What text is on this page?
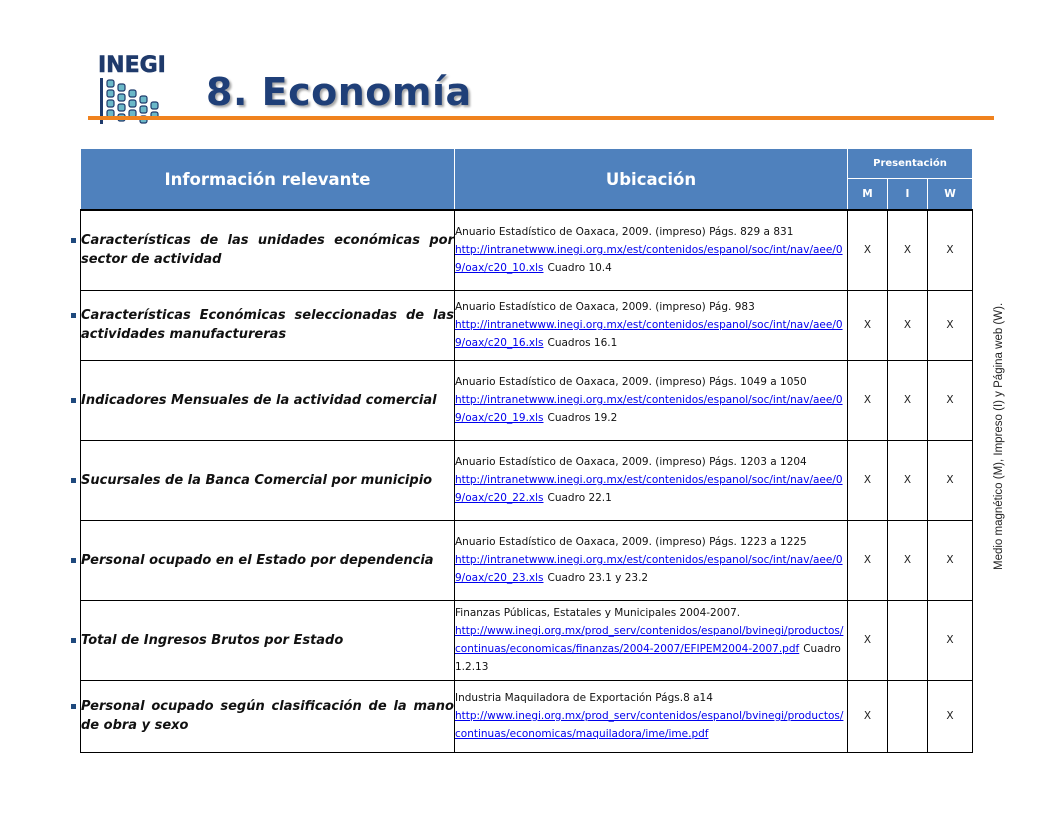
INEGI
8. Economía
Medio magnético (M), Impreso (I) y Página web (W).
Información relevante	Ubicación	Presentación		
		M	I	W

Características de las unidades económicas por sector de actividad	Anuario Estadístico de Oaxaca, 2009. (impreso) Págs. 829 a 831
http://intranetwww.inegi.org.mx/est/contenidos/espanol/soc/int/nav/aee/09/oax/c20_10.xls Cuadro 10.4	X	X	X

Características Económicas seleccionadas de las actividades manufactureras	Anuario Estadístico de Oaxaca, 2009. (impreso) Pág. 983
http://intranetwww.inegi.org.mx/est/contenidos/espanol/soc/int/nav/aee/09/oax/c20_16.xls Cuadros 16.1	X	X	X

Indicadores Mensuales de la actividad comercial	Anuario Estadístico de Oaxaca, 2009. (impreso) Págs. 1049 a 1050
http://intranetwww.inegi.org.mx/est/contenidos/espanol/soc/int/nav/aee/09/oax/c20_19.xls Cuadros 19.2	X	X	X

Sucursales de la Banca Comercial por municipio	Anuario Estadístico de Oaxaca, 2009. (impreso) Págs. 1203 a 1204
http://intranetwww.inegi.org.mx/est/contenidos/espanol/soc/int/nav/aee/09/oax/c20_22.xls Cuadro 22.1	X	X	X

Personal ocupado en el Estado por dependencia	Anuario Estadístico de Oaxaca, 2009. (impreso) Págs. 1223 a 1225
http://intranetwww.inegi.org.mx/est/contenidos/espanol/soc/int/nav/aee/09/oax/c20_23.xls Cuadro 23.1 y 23.2	X	X	X

Total de Ingresos Brutos por Estado	Finanzas Públicas, Estatales y Municipales 2004-2007.
http://www.inegi.org.mx/prod_serv/contenidos/espanol/bvinegi/productos/continuas/economicas/finanzas/2004-2007/EFIPEM2004-2007.pdf Cuadro 1.2.13	X		X

Personal ocupado según clasificación de la mano de obra y sexo	Industria Maquiladora de Exportación Págs.8 a14
http://www.inegi.org.mx/prod_serv/contenidos/espanol/bvinegi/productos/continuas/economicas/maquiladora/ime/ime.pdf	X		X
